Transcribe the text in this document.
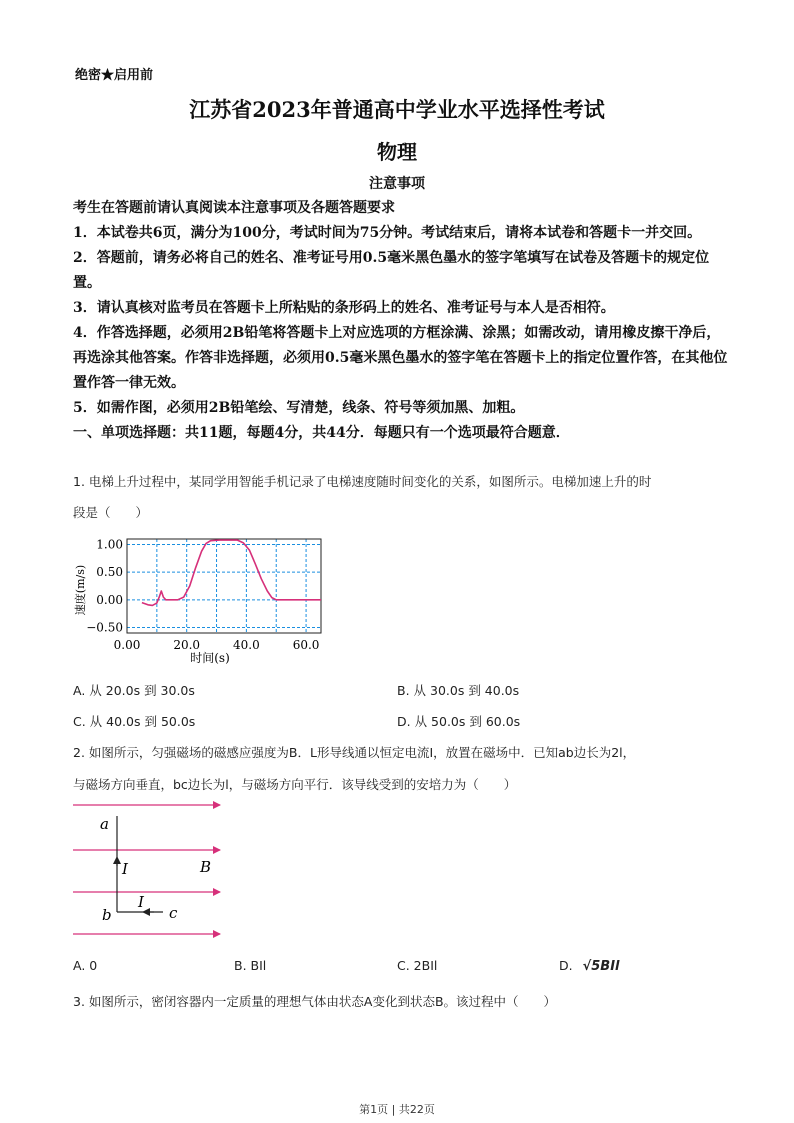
绝密★启用前
江苏省2023年普通高中学业水平选择性考试
物理
注意事项

考生在答题前请认真阅读本注意事项及各题答题要求

1．本试卷共6页，满分为100分，考试时间为75分钟。考试结束后，请将本试卷和答题卡一并交回。

2．答题前，请务必将自己的姓名、准考证号用0.5毫米黑色墨水的签字笔填写在试卷及答题卡的规定位置。

3．请认真核对监考员在答题卡上所粘贴的条形码上的姓名、准考证号与本人是否相符。

4．作答选择题，必须用2B铅笔将答题卡上对应选项的方框涂满、涂黑；如需改动，请用橡皮擦干净后，再选涂其他答案。作答非选择题，必须用0.5毫米黑色墨水的签字笔在答题卡上的指定位置作答，在其他位置作答一律无效。

5．如需作图，必须用2B铅笔绘、写清楚，线条、符号等须加黑、加粗。

一、单项选择题：共11题，每题4分，共44分．每题只有一个选项最符合题意．

1. 电梯上升过程中，某同学用智能手机记录了电梯速度随时间变化的关系，如图所示。电梯加速上升的时
段是（　　）
1.00
0.50
0.00
−0.50
0.00	20.0	40.0	60.0
速度(m/s)
时间(s)
A. 从 20.0s 到 30.0s	B. 从 30.0s 到 40.0s
C. 从 40.0s 到 50.0s	D. 从 50.0s 到 60.0s
2. 如图所示，匀强磁场的磁感应强度为B．L形导线通以恒定电流I，放置在磁场中．已知ab边长为2l，
与磁场方向垂直，bc边长为l，与磁场方向平行．该导线受到的安培力为（　　）
a
I	B
I
b	c
A. 0	B. BIl	C. 2BIl	D. √5BIl
3. 如图所示，密闭容器内一定质量的理想气体由状态A变化到状态B。该过程中（　　）
第1页 | 共22页
